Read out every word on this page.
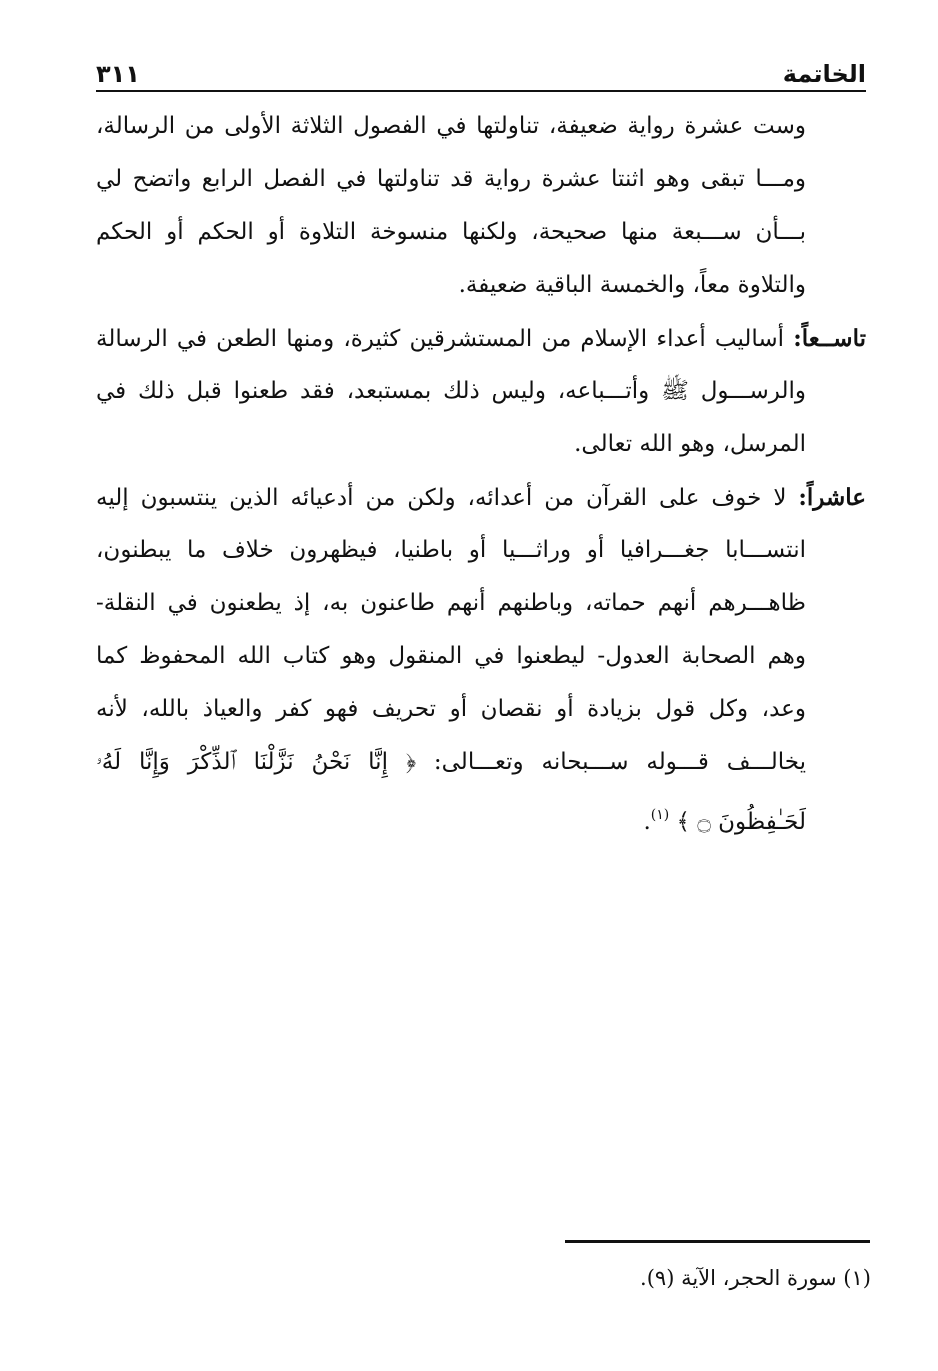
الخاتمة
٣١١
وست عشرة رواية ضعيفة، تناولتها في الفصول الثلاثة الأولى من الرسالة،
ومـــا تبقى وهو اثنتا عشرة رواية قد تناولتها في الفصل الرابع واتضح لي
بـــأن ســـبعة منها صحيحة، ولكنها منسوخة التلاوة أو الحكم أو الحكم
والتلاوة معاً، والخمسة الباقية ضعيفة.
تاســعاً: أساليب أعداء الإسلام من المستشرقين كثيرة، ومنها الطعن في الرسالة
والرســـول ﷺ وأتـــباعه، وليس ذلك بمستبعد، فقد طعنوا قبل ذلك في
المرسل، وهو الله تعالى.
عاشراً: لا خوف على القرآن من أعدائه، ولكن من أدعيائه الذين ينتسبون إليه
انتســـابا جغـــرافيا أو وراثـــيا أو باطنيا، فيظهرون خلاف ما يبطنون،
ظاهـــرهم أنهم حماته، وباطنهم أنهم طاعنون به، إذ يطعنون في النقلة-
وهم الصحابة العدول- ليطعنوا في المنقول وهو كتاب الله المحفوظ كما
وعد، وكل قول بزيادة أو نقصان أو تحريف فهو كفر والعياذ بالله، لأنه
يخالـــف قـــوله ســـبحانه وتعـــالى: ﴿ إِنَّا نَحْنُ نَزَّلْنَا ٱلذِّكْرَ وَإِنَّا لَهُۥ
لَحَـٰفِظُونَ ۝ ﴾ $^{(١)}$.
(١) سورة الحجر، الآية (٩).
